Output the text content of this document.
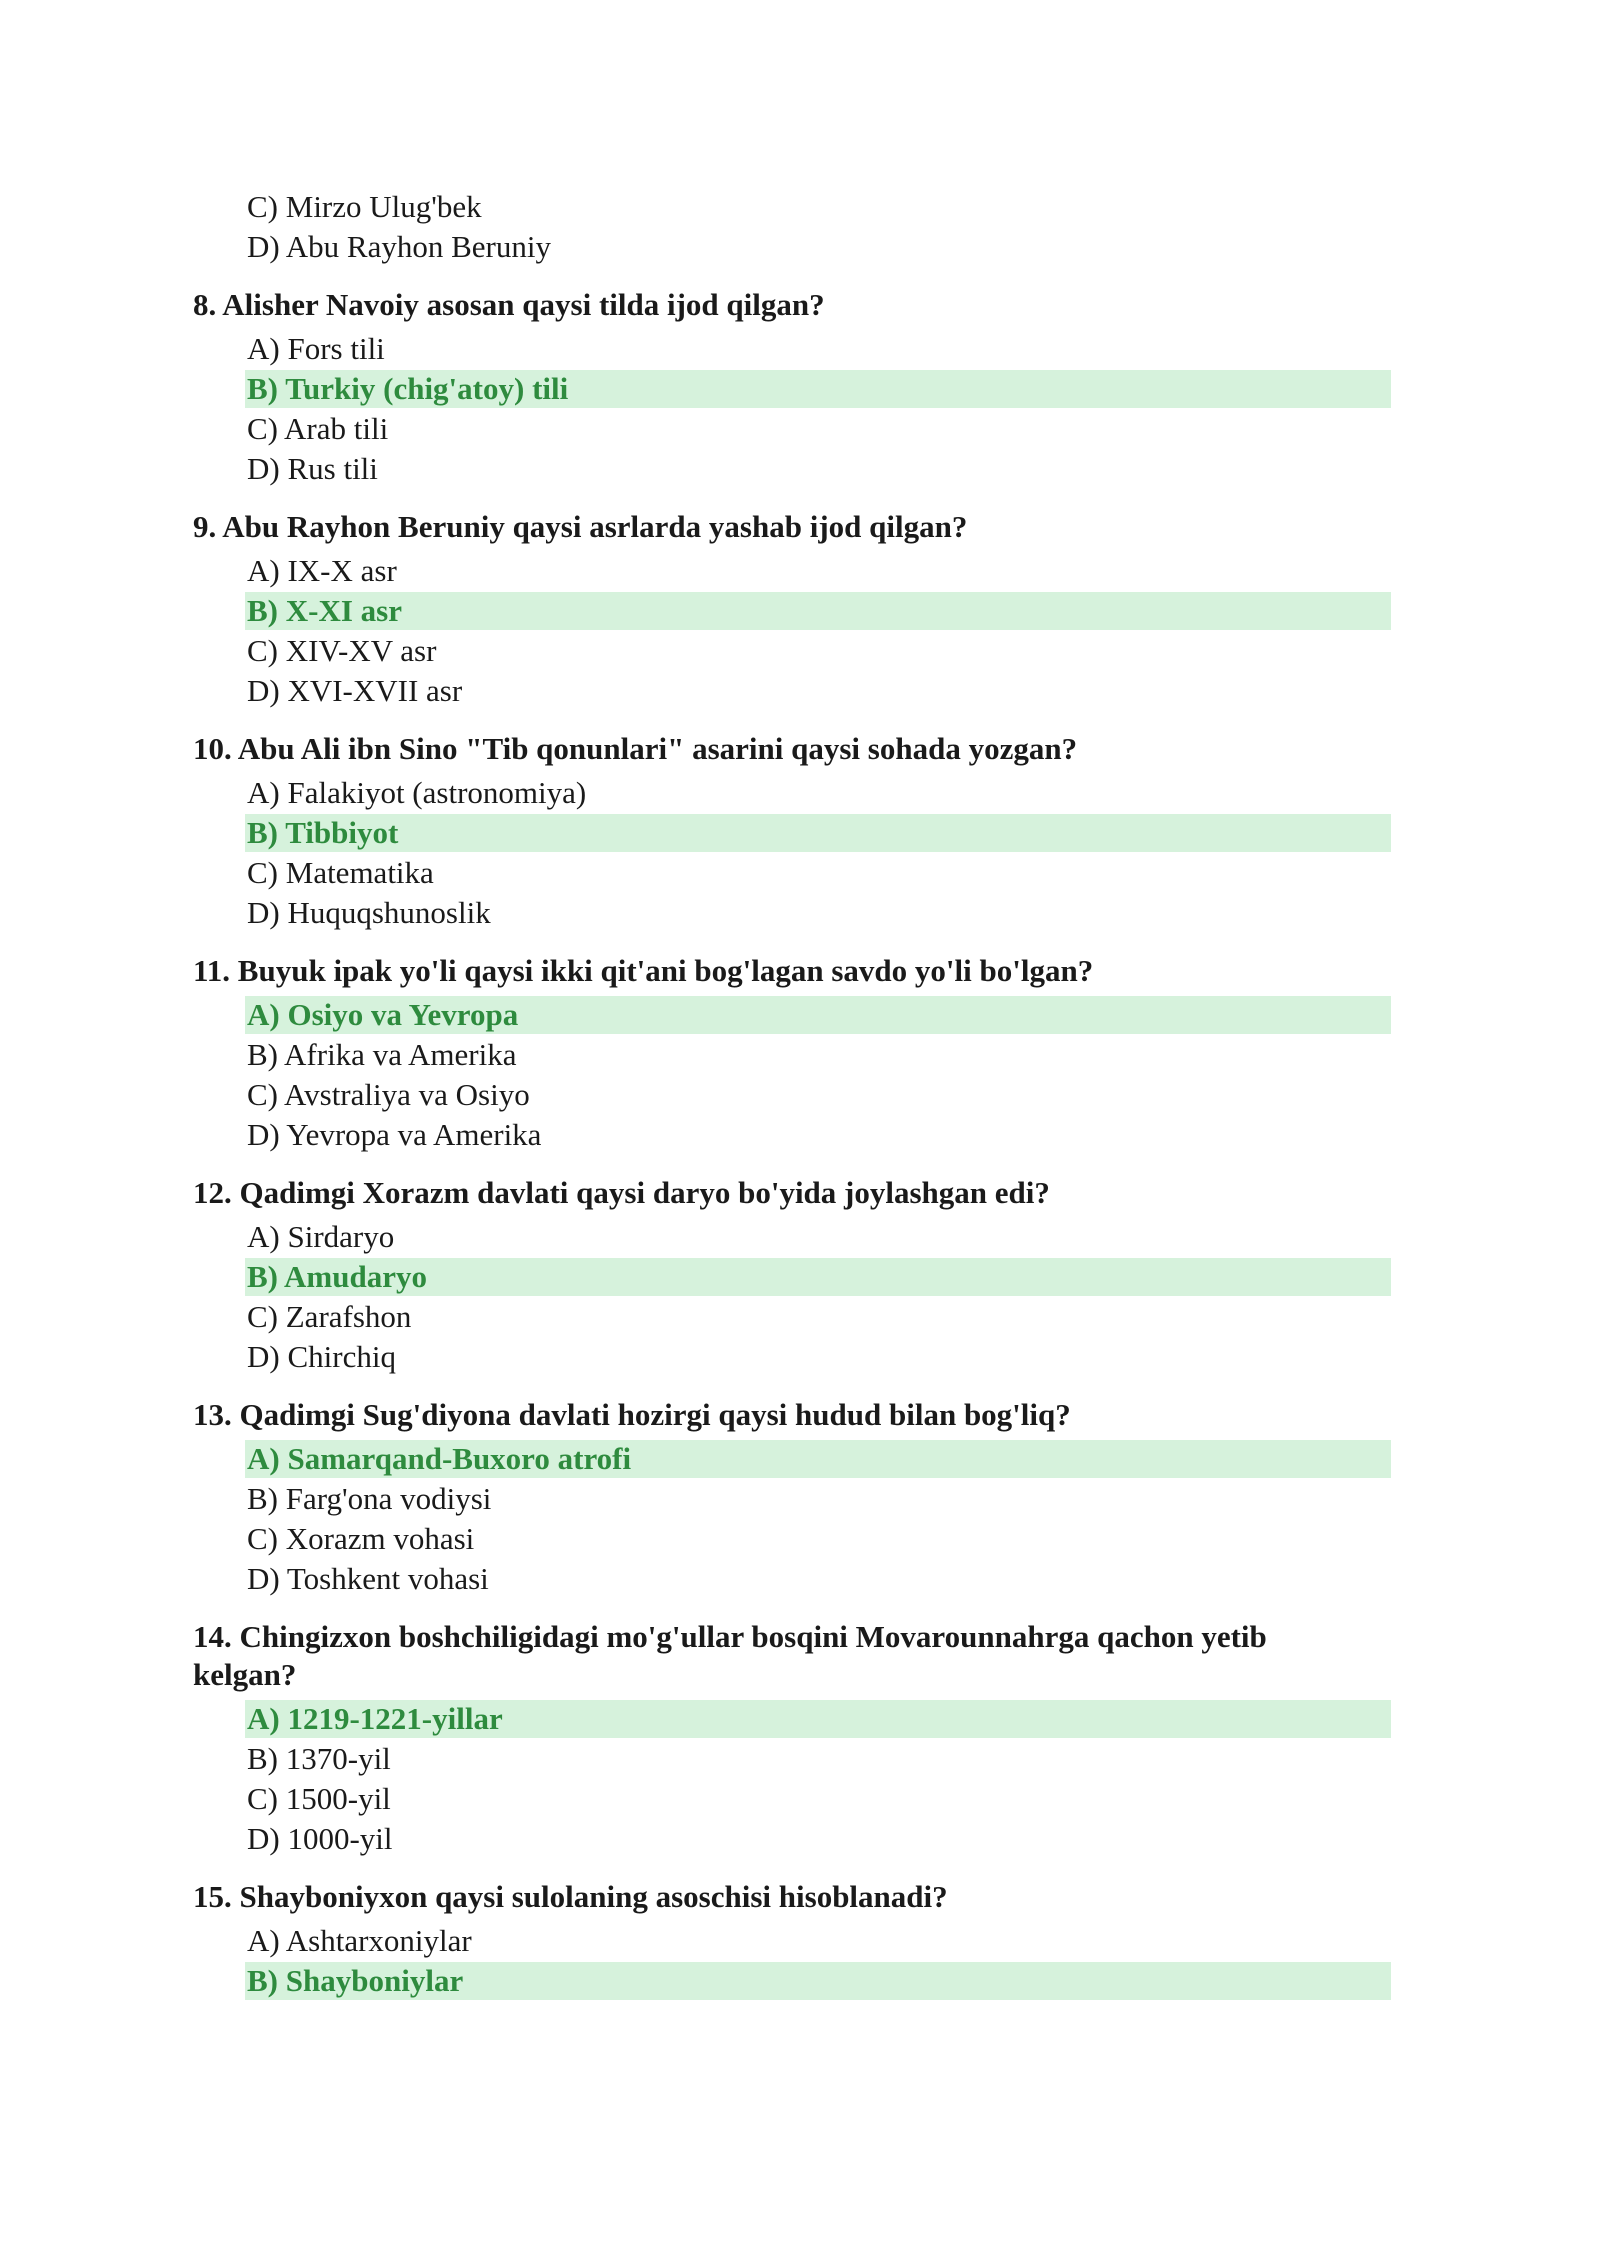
C) Mirzo Ulug'bek
D) Abu Rayhon Beruniy
8. Alisher Navoiy asosan qaysi tilda ijod qilgan?
A) Fors tili
B) Turkiy (chig'atoy) tili
C) Arab tili
D) Rus tili
9. Abu Rayhon Beruniy qaysi asrlarda yashab ijod qilgan?
A) IX-X asr
B) X-XI asr
C) XIV-XV asr
D) XVI-XVII asr
10. Abu Ali ibn Sino "Tib qonunlari" asarini qaysi sohada yozgan?
A) Falakiyot (astronomiya)
B) Tibbiyot
C) Matematika
D) Huquqshunoslik
11. Buyuk ipak yo'li qaysi ikki qit'ani bog'lagan savdo yo'li bo'lgan?
A) Osiyo va Yevropa
B) Afrika va Amerika
C) Avstraliya va Osiyo
D) Yevropa va Amerika
12. Qadimgi Xorazm davlati qaysi daryo bo'yida joylashgan edi?
A) Sirdaryo
B) Amudaryo
C) Zarafshon
D) Chirchiq
13. Qadimgi Sug'diyona davlati hozirgi qaysi hudud bilan bog'liq?
A) Samarqand-Buxoro atrofi
B) Farg'ona vodiysi
C) Xorazm vohasi
D) Toshkent vohasi
14. Chingizxon boshchiligidagi mo'g'ullar bosqini Movarounnahrga qachon yetib kelgan?
A) 1219-1221-yillar
B) 1370-yil
C) 1500-yil
D) 1000-yil
15. Shayboniyxon qaysi sulolaning asoschisi hisoblanadi?
A) Ashtarxoniylar
B) Shayboniylar
